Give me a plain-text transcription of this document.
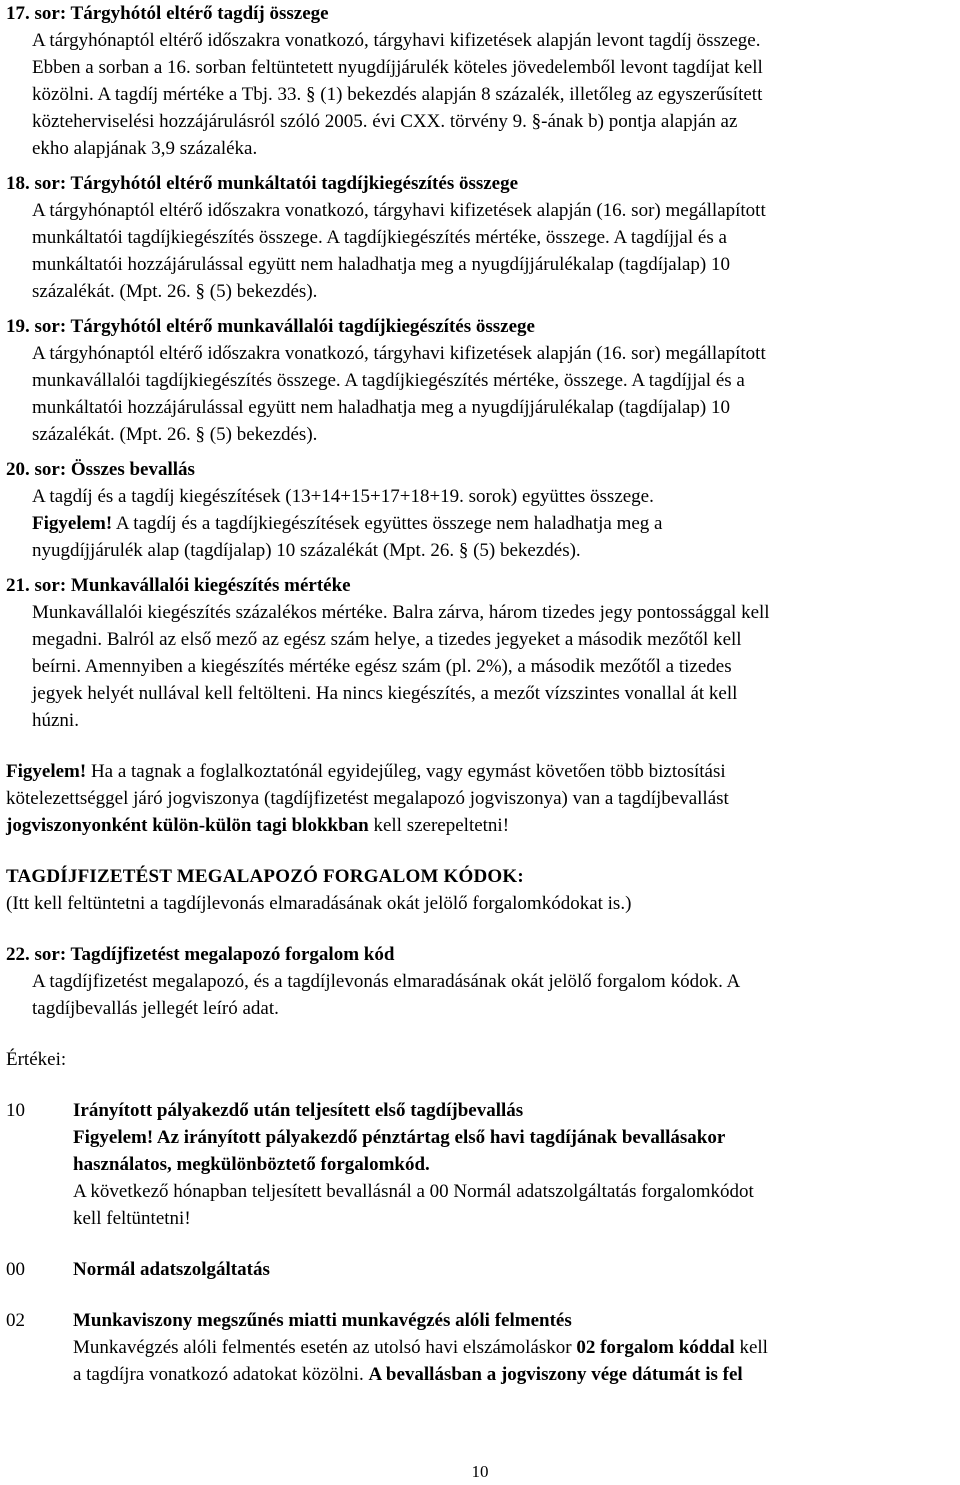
17. sor: Tárgyhótól eltérő tagdíj összege
A tárgyhónaptól eltérő időszakra vonatkozó, tárgyhavi kifizetések alapján levont tagdíj összege.
Ebben a sorban a 16. sorban feltüntetett nyugdíjjárulék köteles jövedelemből levont tagdíjat kell
közölni. A tagdíj mértéke a Tbj. 33. § (1) bekezdés alapján 8 százalék, illetőleg az egyszerűsített
közteherviselési hozzájárulásról szóló 2005. évi CXX. törvény 9. §-ának b) pontja alapján az
ekho alapjának 3,9 százaléka.
18. sor: Tárgyhótól eltérő munkáltatói tagdíjkiegészítés összege
A tárgyhónaptól eltérő időszakra vonatkozó, tárgyhavi kifizetések alapján (16. sor) megállapított
munkáltatói tagdíjkiegészítés összege. A tagdíjkiegészítés mértéke, összege. A tagdíjjal és a
munkáltatói hozzájárulással együtt nem haladhatja meg a nyugdíjjárulékalap (tagdíjalap) 10
százalékát. (Mpt. 26. § (5) bekezdés).
19. sor: Tárgyhótól eltérő munkavállalói tagdíjkiegészítés összege
A tárgyhónaptól eltérő időszakra vonatkozó, tárgyhavi kifizetések alapján (16. sor) megállapított
munkavállalói tagdíjkiegészítés összege. A tagdíjkiegészítés mértéke, összege. A tagdíjjal és a
munkáltatói hozzájárulással együtt nem haladhatja meg a nyugdíjjárulékalap (tagdíjalap) 10
százalékát. (Mpt. 26. § (5) bekezdés).
20. sor: Összes bevallás
A tagdíj és a tagdíj kiegészítések (13+14+15+17+18+19. sorok) együttes összege.
Figyelem! A tagdíj és a tagdíjkiegészítések együttes összege nem haladhatja meg a
nyugdíjjárulék alap (tagdíjalap) 10 százalékát (Mpt. 26. § (5) bekezdés).
21. sor: Munkavállalói kiegészítés mértéke
Munkavállalói kiegészítés százalékos mértéke. Balra zárva, három tizedes jegy pontossággal kell
megadni. Balról az első mező az egész szám helye, a tizedes jegyeket a második mezőtől kell
beírni. Amennyiben a kiegészítés mértéke egész szám (pl. 2%), a második mezőtől a tizedes
jegyek helyét nullával kell feltölteni. Ha nincs kiegészítés, a mezőt vízszintes vonallal át kell
húzni.
Figyelem! Ha a tagnak a foglalkoztatónál egyidejűleg, vagy egymást követően több biztosítási
kötelezettséggel járó jogviszonya (tagdíjfizetést megalapozó jogviszonya) van a tagdíjbevallást
jogviszonyonként külön-külön tagi blokkban kell szerepeltetni!
TAGDÍJFIZETÉST MEGALAPOZÓ FORGALOM KÓDOK:
(Itt kell feltüntetni a tagdíjlevonás elmaradásának okát jelölő forgalomkódokat is.)
22. sor: Tagdíjfizetést megalapozó forgalom kód
A tagdíjfizetést megalapozó, és a tagdíjlevonás elmaradásának okát jelölő forgalom kódok. A
tagdíjbevallás jellegét leíró adat.
Értékei:
10	Irányított pályakezdő után teljesített első tagdíjbevallás
Figyelem! Az irányított pályakezdő pénztártag első havi tagdíjának bevallásakor
használatos, megkülönböztető forgalomkód.
A következő hónapban teljesített bevallásnál a 00 Normál adatszolgáltatás forgalomkódot
kell feltüntetni!
00	Normál adatszolgáltatás
02	Munkaviszony megszűnés miatti munkavégzés alóli felmentés
Munkavégzés alóli felmentés esetén az utolsó havi elszámoláskor 02 forgalom kóddal kell
a tagdíjra vonatkozó adatokat közölni. A bevallásban a jogviszony vége dátumát is fel
10
